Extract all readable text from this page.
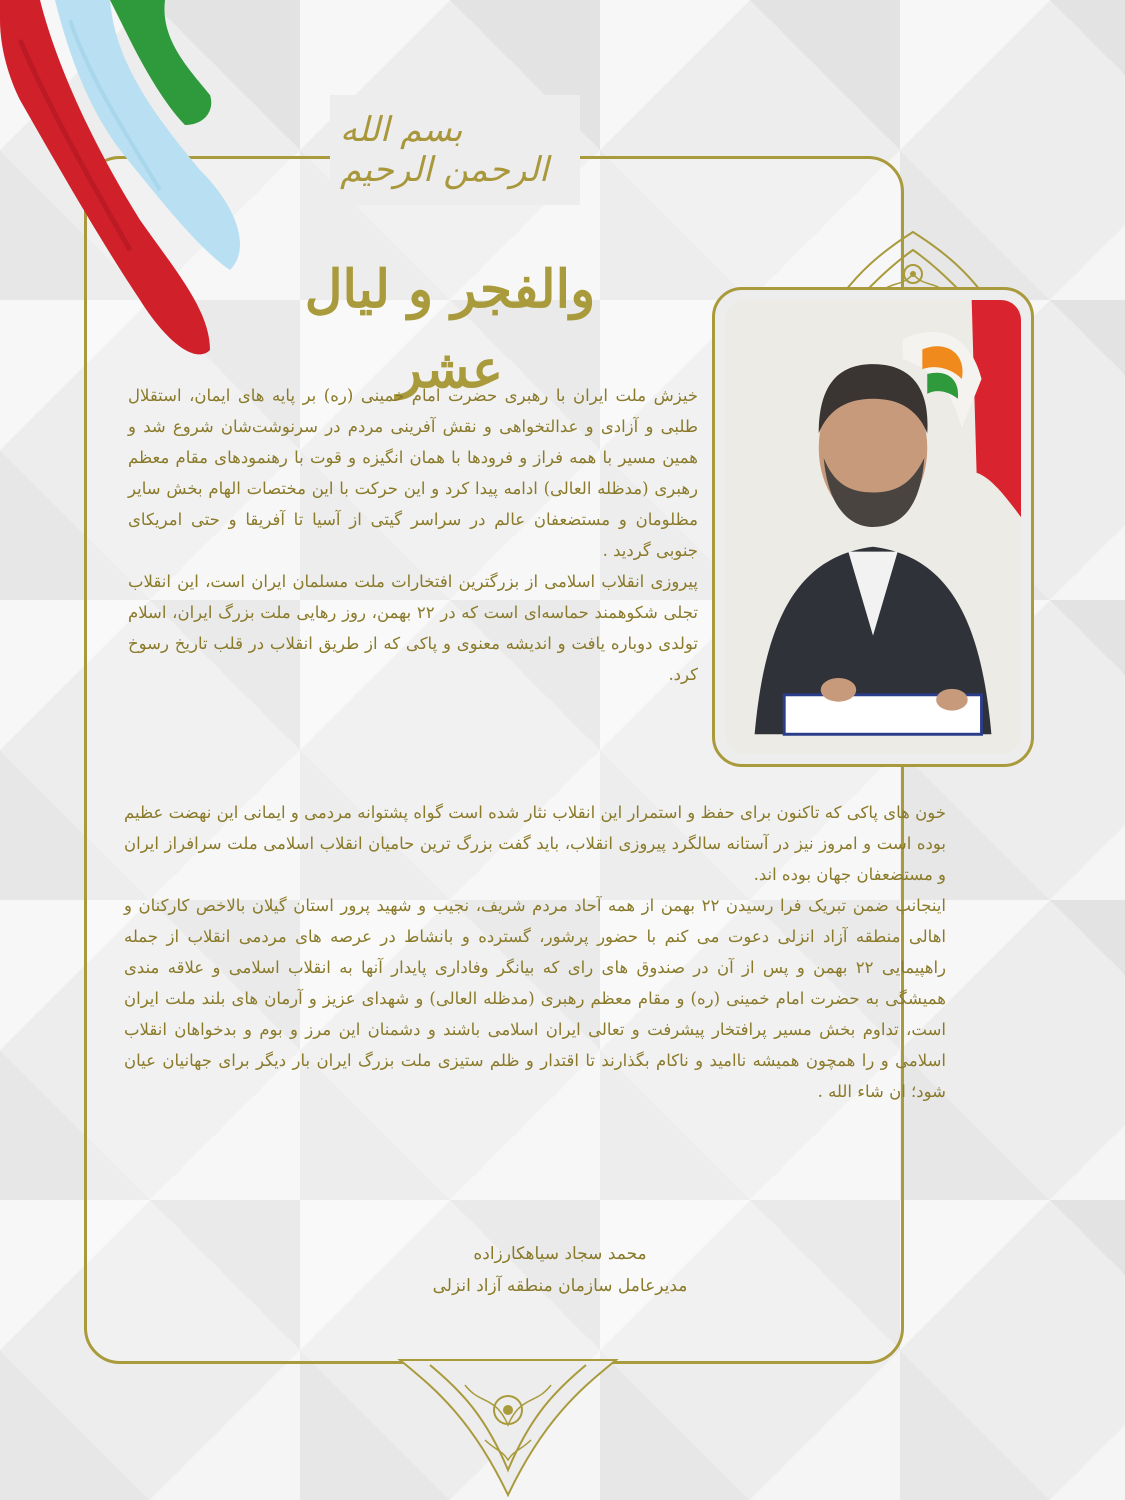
بسم الله الرحمن الرحیم
والفجر و لیال عشر

خیزش ملت ایران با رهبری حضرت امام خمینی (ره) بر پایه های ایمان، استقلال طلبی و آزادی و عدالتخواهی و نقش آفرینی مردم در سرنوشت‌شان شروع شد و همین مسیر با همه فراز و فرودها با همان انگیزه و قوت با رهنمودهای مقام معظم رهبری (مدظله العالی) ادامه پیدا کرد و این حرکت با این مختصات الهام بخش سایر مظلومان و مستضعفان عالم در سراسر گیتی از آسیا تا آفریقا و حتی امریکای جنوبی گردید .

پیروزی انقلاب اسلامی از بزرگترین افتخارات ملت مسلمان ایران است، این انقلاب تجلی شکوهمند حماسه‌ای است که در ۲۲ بهمن، روز رهایی ملت بزرگ ایران، اسلام تولدی دوباره یافت و اندیشه معنوی و پاکی که از طریق انقلاب در قلب تاریخ رسوخ کرد.

خون های پاکی که تاکنون برای حفظ و استمرار این انقلاب نثار شده است گواه پشتوانه مردمی و ایمانی این نهضت عظیم بوده است و امروز نیز در آستانه سالگرد پیروزی انقلاب، باید گفت بزرگ ترین حامیان انقلاب اسلامی ملت سرافراز ایران و مستضعفان جهان بوده اند.

اینجانب ضمن تبریک فرا رسیدن ۲۲ بهمن از همه آحاد مردم شریف، نجیب و شهید پرور استان گیلان بالاخص کارکنان و اهالی منطقه آزاد انزلی دعوت می کنم با حضور پرشور، گسترده و بانشاط در عرصه های مردمی انقلاب از جمله راهپیمایی ۲۲ بهمن و پس از آن در صندوق های رای که بیانگر وفاداری پایدار آنها به انقلاب اسلامی و علاقه مندی همیشگی به حضرت امام خمینی (ره) و مقام معظم رهبری (مدظله العالی) و شهدای عزیز و آرمان های بلند ملت ایران است، تداوم بخش مسیر پرافتخار پیشرفت و تعالی ایران اسلامی باشند و دشمنان این مرز و بوم و بدخواهان انقلاب اسلامی و را همچون همیشه ناامید و ناکام بگذارند تا اقتدار و ظلم ستیزی ملت بزرگ ایران بار دیگر برای جهانیان عیان شود؛ ان شاء الله .

محمد سجاد سیاهکارزاده
مدیرعامل سازمان منطقه آزاد انزلی
